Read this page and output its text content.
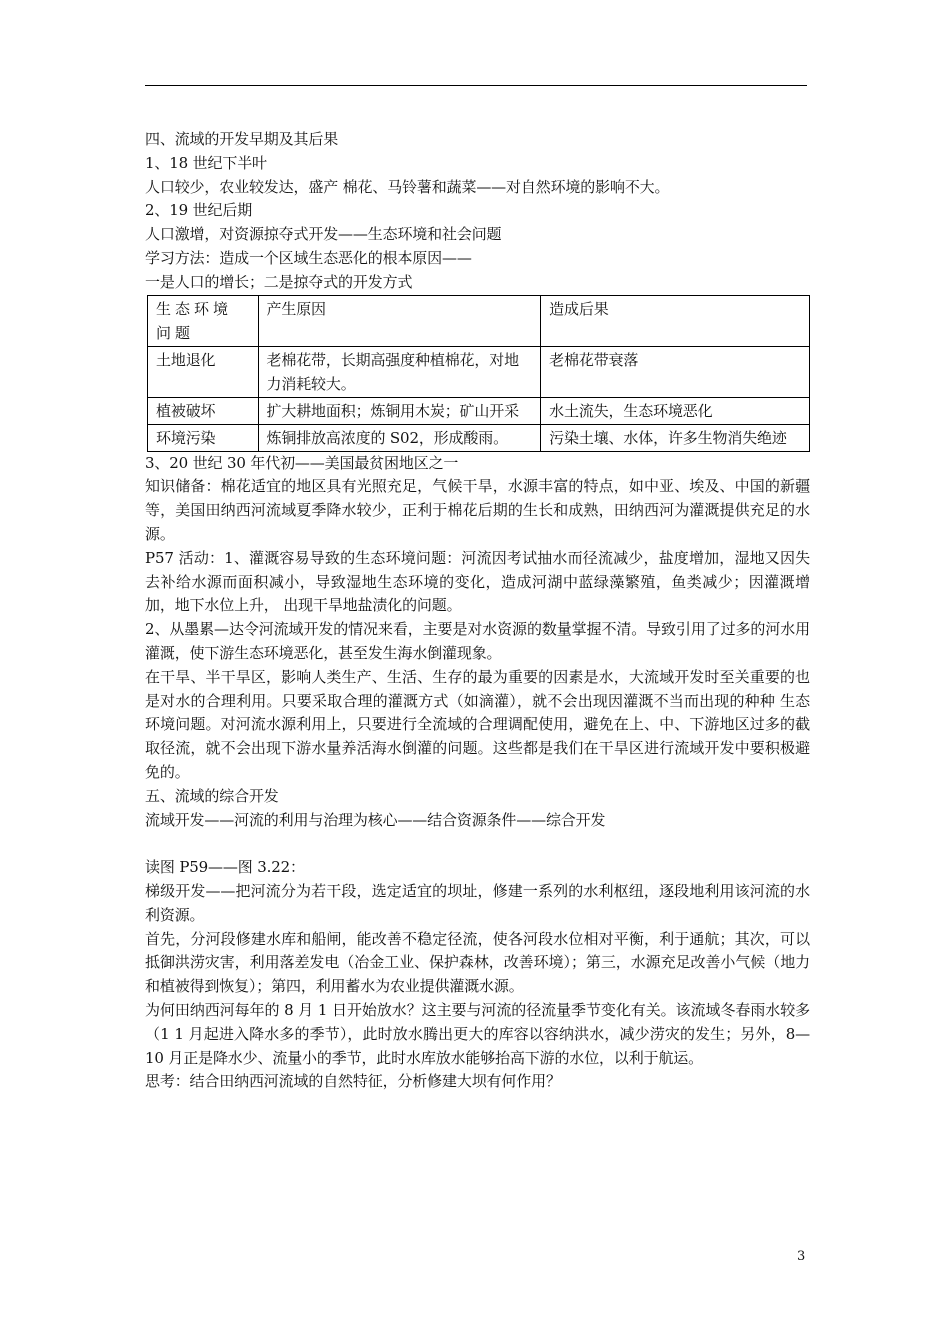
四、流域的开发早期及其后果

1、18 世纪下半叶

人口较少，农业较发达，盛产 棉花、马铃薯和蔬菜——对自然环境的影响不大。

2、19 世纪后期

人口激增，对资源掠夺式开发——生态环境和社会问题

学习方法：造成一个区域生态恶化的根本原因——

一是人口的增长；二是掠夺式的开发方式

生态环境问题	产生原因	造成后果
土地退化	老棉花带，长期高强度种植棉花，对地力消耗较大。	老棉花带衰落
植被破坏	扩大耕地面积；炼铜用木炭；矿山开采	水土流失，生态环境恶化
环境污染	炼铜排放高浓度的 S02，形成酸雨。	污染土壤、水体，许多生物消失绝迹

3、20 世纪 30 年代初——美国最贫困地区之一

知识储备：棉花适宜的地区具有光照充足，气候干旱，水源丰富的特点，如中亚、埃及、中国的新疆等，美国田纳西河流域夏季降水较少，正利于棉花后期的生长和成熟，田纳西河为灌溉提供充足的水源。

P57 活动：1、灌溉容易导致的生态环境问题：河流因考试抽水而径流减少，盐度增加，湿地又因失去补给水源而面积减小，导致湿地生态环境的变化，造成河湖中蓝绿藻繁殖，鱼类减少；因灌溉增加，地下水位上升， 出现干旱地盐渍化的问题。

2、从墨累—达令河流域开发的情况来看，主要是对水资源的数量掌握不清。导致引用了过多的河水用灌溉，使下游生态环境恶化，甚至发生海水倒灌现象。

在干旱、半干旱区，影响人类生产、生活、生存的最为重要的因素是水，大流域开发时至关重要的也是对水的合理利用。只要采取合理的灌溉方式（如滴灌），就不会出现因灌溉不当而出现的种种 生态环境问题。对河流水源利用上，只要进行全流域的合理调配使用，避免在上、中、下游地区过多的截取径流，就不会出现下游水量养活海水倒灌的问题。这些都是我们在干旱区进行流域开发中要积极避免的。

五、流域的综合开发

流域开发——河流的利用与治理为核心——结合资源条件——综合开发

读图 P59——图 3.22：

梯级开发——把河流分为若干段，选定适宜的坝址，修建一系列的水利枢纽，逐段地利用该河流的水利资源。

首先，分河段修建水库和船闸，能改善不稳定径流，使各河段水位相对平衡，利于通航；其次，可以抵御洪涝灾害，利用落差发电（冶金工业、保护森林，改善环境）；第三，水源充足改善小气候（地力和植被得到恢复）；第四，利用蓄水为农业提供灌溉水源。

为何田纳西河每年的 8 月 1 日开始放水？这主要与河流的径流量季节变化有关。该流域冬春雨水较多（1 1 月起进入降水多的季节），此时放水腾出更大的库容以容纳洪水，减少涝灾的发生；另外，8—10 月正是降水少、流量小的季节，此时水库放水能够抬高下游的水位，以利于航运。

思考：结合田纳西河流域的自然特征，分析修建大坝有何作用？

3
